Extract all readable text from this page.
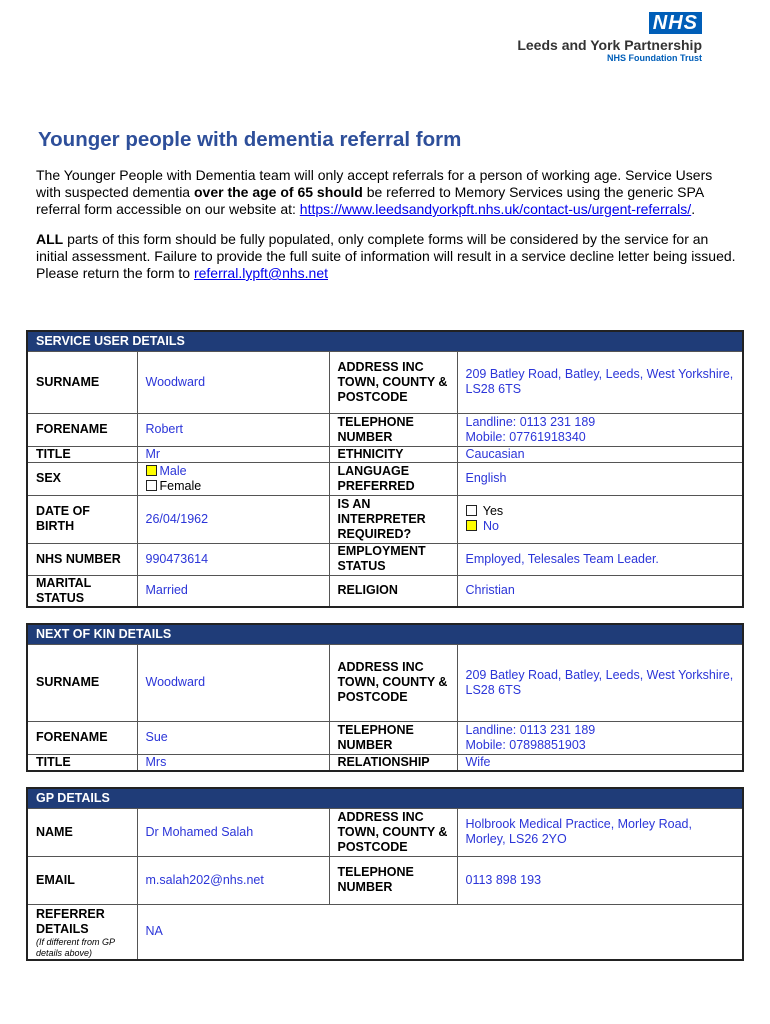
NHS
Leeds and York Partnership
NHS Foundation Trust
Younger people with dementia referral form

The Younger People with Dementia team will only accept referrals for a person of working age. Service Users with suspected dementia over the age of 65 should be referred to Memory Services using the generic SPA referral form accessible on our website at: https://www.leedsandyorkpft.nhs.uk/contact-us/urgent-referrals/.

ALL parts of this form should be fully populated, only complete forms will be considered by the service for an initial assessment. Failure to provide the full suite of information will result in a service decline letter being issued. Please return the form to referral.lypft@nhs.net

SERVICE USER DETAILS			
SURNAME	Woodward	ADDRESS INC TOWN, COUNTY & POSTCODE	209 Batley Road, Batley, Leeds, West Yorkshire, LS28 6TS
FORENAME	Robert	TELEPHONE NUMBER	Landline: 0113 231 189
Mobile: 07761918340

TITLE	Mr	ETHNICITY	Caucasian
SEX	Male
Female	LANGUAGE PREFERRED	English
DATE OF BIRTH	26/04/1962	IS AN INTERPRETER REQUIRED?	Yes
No

NHS NUMBER	990473614	EMPLOYMENT STATUS	Employed, Telesales Team Leader.
MARITAL STATUS	Married	RELIGION	Christian
NEXT OF KIN DETAILS			
SURNAME	Woodward	ADDRESS INC TOWN, COUNTY & POSTCODE	209 Batley Road, Batley, Leeds, West Yorkshire, LS28 6TS
FORENAME	Sue	TELEPHONE NUMBER	Landline: 0113 231 189
Mobile: 07898851903

TITLE	Mrs	RELATIONSHIP	Wife
GP DETAILS			
NAME	Dr Mohamed Salah	ADDRESS INC TOWN, COUNTY & POSTCODE	Holbrook Medical Practice, Morley Road, Morley, LS26 2YO
EMAIL	m.salah202@nhs.net	TELEPHONE NUMBER	0113 898 193

REFERRER DETAILS
(If different from GP details above)	NA		
